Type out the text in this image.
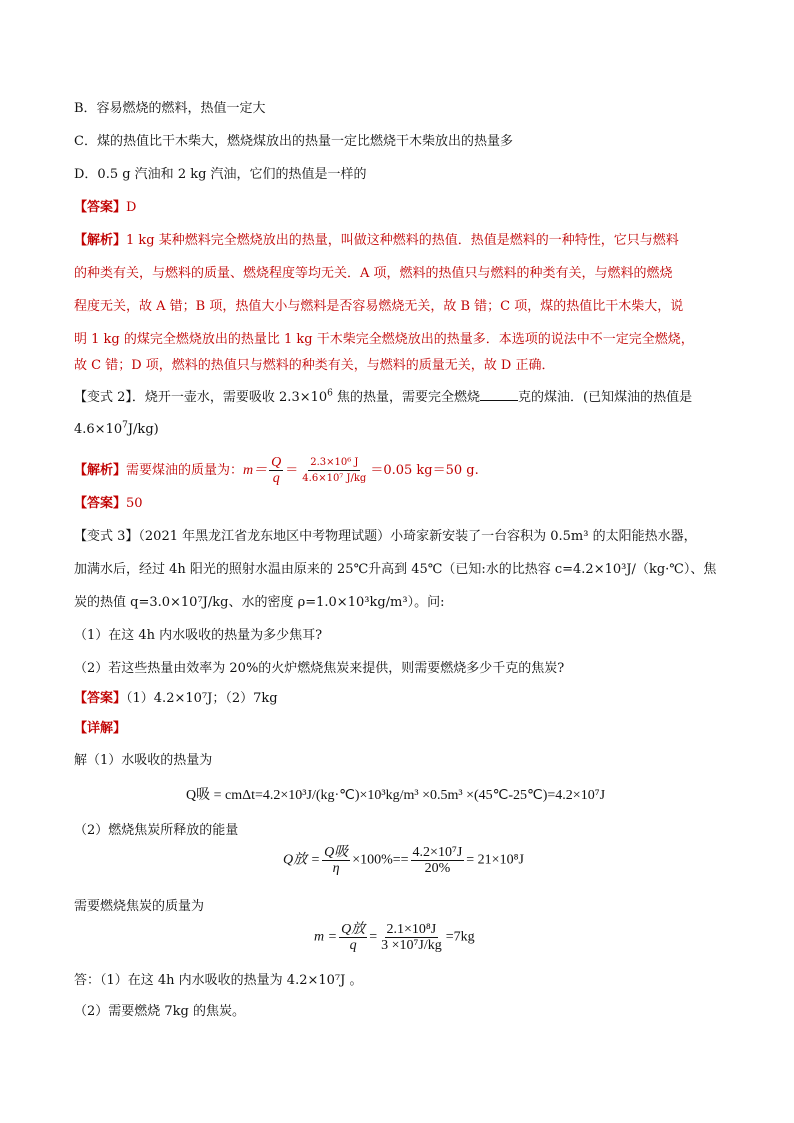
B．容易燃烧的燃料，热值一定大
C．煤的热值比干木柴大，燃烧煤放出的热量一定比燃烧干木柴放出的热量多
D．0.5 g 汽油和 2 kg 汽油，它们的热值是一样的
【答案】D
【解析】1 kg 某种燃料完全燃烧放出的热量，叫做这种燃料的热值．热值是燃料的一种特性，它只与燃料
的种类有关，与燃料的质量、燃烧程度等均无关．A 项，燃料的热值只与燃料的种类有关，与燃料的燃烧
程度无关，故 A 错；B 项，热值大小与燃料是否容易燃烧无关，故 B 错；C 项，煤的热值比干木柴大，说
明 1 kg 的煤完全燃烧放出的热量比 1 kg 干木柴完全燃烧放出的热量多．本选项的说法中不一定完全燃烧，
故 C 错；D 项，燃料的热值只与燃料的种类有关，与燃料的质量无关，故 D 正确．
【变式 2】．烧开一壶水，需要吸收 $2.3\times 10^6$ 焦的热量，需要完全燃烧	克的煤油．(已知煤油的热值是
$4.6\times 10^7J/kg$)
【解析】需要煤油的质量为：$m= \frac{Q}{q} = \frac{\text{2.3×10⁶ J}}{\text{4.6×10⁷ J/kg}} =0.05$ kg＝50 g.
【答案】50
【变式 3】（2021 年黑龙江省龙东地区中考物理试题）小琦家新安装了一台容积为 0.5m³ 的太阳能热水器，
加满水后，经过 4h 阳光的照射水温由原来的 25℃升高到 45℃（已知:水的比热容 c=4.2×10³J/（kg·℃）、焦
炭的热值 q=3.0×10⁷J/kg、水的密度 ρ=1.0×10³kg/m³）。问:
（1）在这 4h 内水吸收的热量为多少焦耳?
（2）若这些热量由效率为 20%的火炉燃烧焦炭来提供，则需要燃烧多少千克的焦炭?
【答案】（1）4.2×10⁷J；（2）7kg
【详解】
解（1）水吸收的热量为
Q吸 = cmΔt=4.2×10³J/(kg·℃)×10³kg/m³ ×0.5m³ ×(45℃-25℃)=4.2×10⁷J
（2）燃烧焦炭所释放的能量
Q放 = $\frac{\text{Q吸}}{\eta} \times 100\%== \frac{\text{4.2×10⁷J}}{20\%} = 21\times 10^8J$
需要燃烧焦炭的质量为
$m = \frac{\text{Q放}}{q} = \frac{\text{2.1×10⁸J}}{\text{3 ×10⁷J/kg}} =7kg$
答：（1）在这 4h 内水吸收的热量为 4.2×10⁷J 。
（2）需要燃烧 7kg 的焦炭。
